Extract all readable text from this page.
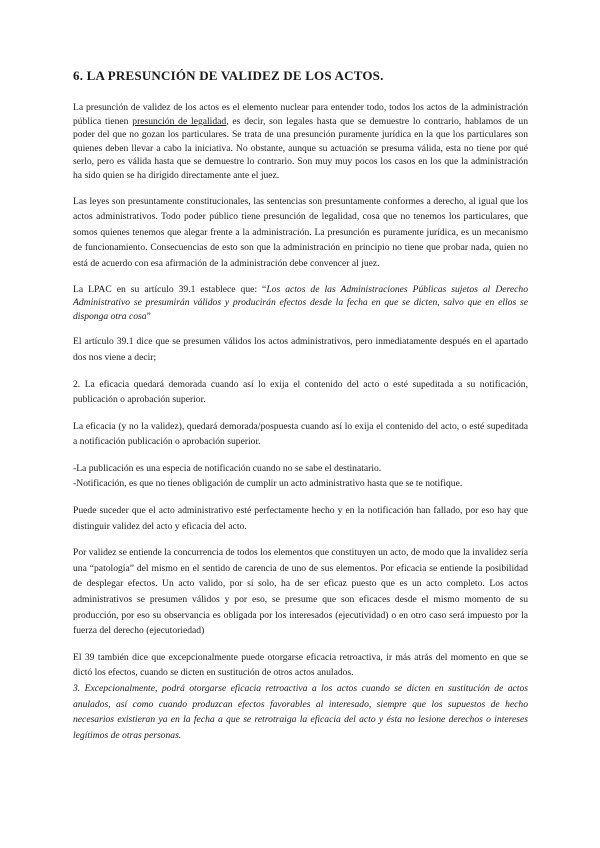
6. LA PRESUNCIÓN DE VALIDEZ DE LOS ACTOS.

La presunción de validez de los actos es el elemento nuclear para entender todo, todos los actos de la administración pública tienen presunción de legalidad, es decir, son legales hasta que se demuestre lo contrario, hablamos de un poder del que no gozan los particulares. Se trata de una presunción puramente jurídica en la que los particulares son quienes deben llevar a cabo la iniciativa. No obstante, aunque su actuación se presuma válida, esta no tiene por qué serlo, pero es válida hasta que se demuestre lo contrario. Son muy muy pocos los casos en los que la administración ha sido quien se ha dirigido directamente ante el juez.

Las leyes son presuntamente constitucionales, las sentencias son presuntamente conformes a derecho, al igual que los actos administrativos. Todo poder público tiene presunción de legalidad, cosa que no tenemos los particulares, que somos quienes tenemos que alegar frente a la administración. La presunción es puramente jurídica, es un mecanismo de funcionamiento. Consecuencias de esto son que la administración en principio no tiene que probar nada, quien no está de acuerdo con esa afirmación de la administración debe convencer al juez.

La LPAC en su artículo 39.1 establece que: “Los actos de las Administraciones Públicas sujetos al Derecho Administrativo se presumirán válidos y producirán efectos desde la fecha en que se dicten, salvo que en ellos se disponga otra cosa”

El artículo 39.1 dice que se presumen válidos los actos administrativos, pero inmediatamente después en el apartado dos nos viene a decir;

2. La eficacia quedará demorada cuando así lo exija el contenido del acto o esté supeditada a su notificación, publicación o aprobación superior.

La eficacia (y no la validez), quedará demorada/pospuesta cuando así lo exija el contenido del acto, o esté supeditada a notificación publicación o aprobación superior.

-La publicación es una especia de notificación cuando no se sabe el destinatario.

-Notificación, es que no tienes obligación de cumplir un acto administrativo hasta que se te notifique.

Puede suceder que el acto administrativo esté perfectamente hecho y en la notificación han fallado, por eso hay que distinguir validez del acto y eficacia del acto.

Por validez se entiende la concurrencia de todos los elementos que constituyen un acto, de modo que la invalidez sería una “patología” del mismo en el sentido de carencia de uno de sus elementos. Por eficacia se entiende la posibilidad de desplegar efectos. Un acto valido, por sí solo, ha de ser eficaz puesto que es un acto completo. Los actos administrativos se presumen válidos y por eso, se presume que son eficaces desde el mismo momento de su producción, por eso su observancia es obligada por los interesados (ejecutividad) o en otro caso será impuesto por la fuerza del derecho (ejecutoriedad)

El 39 también dice que excepcionalmente puede otorgarse eficacia retroactiva, ir más atrás del momento en que se dictó los efectos, cuando se dicten en sustitución de otros actos anulados.

3. Excepcionalmente, podrá otorgarse eficacia retroactiva a los actos cuando se dicten en sustitución de actos anulados, así como cuando produzcan efectos favorables al interesado, siempre que los supuestos de hecho necesarios existieran ya en la fecha a que se retrotraiga la eficacia del acto y ésta no lesione derechos o intereses legítimos de otras personas.
